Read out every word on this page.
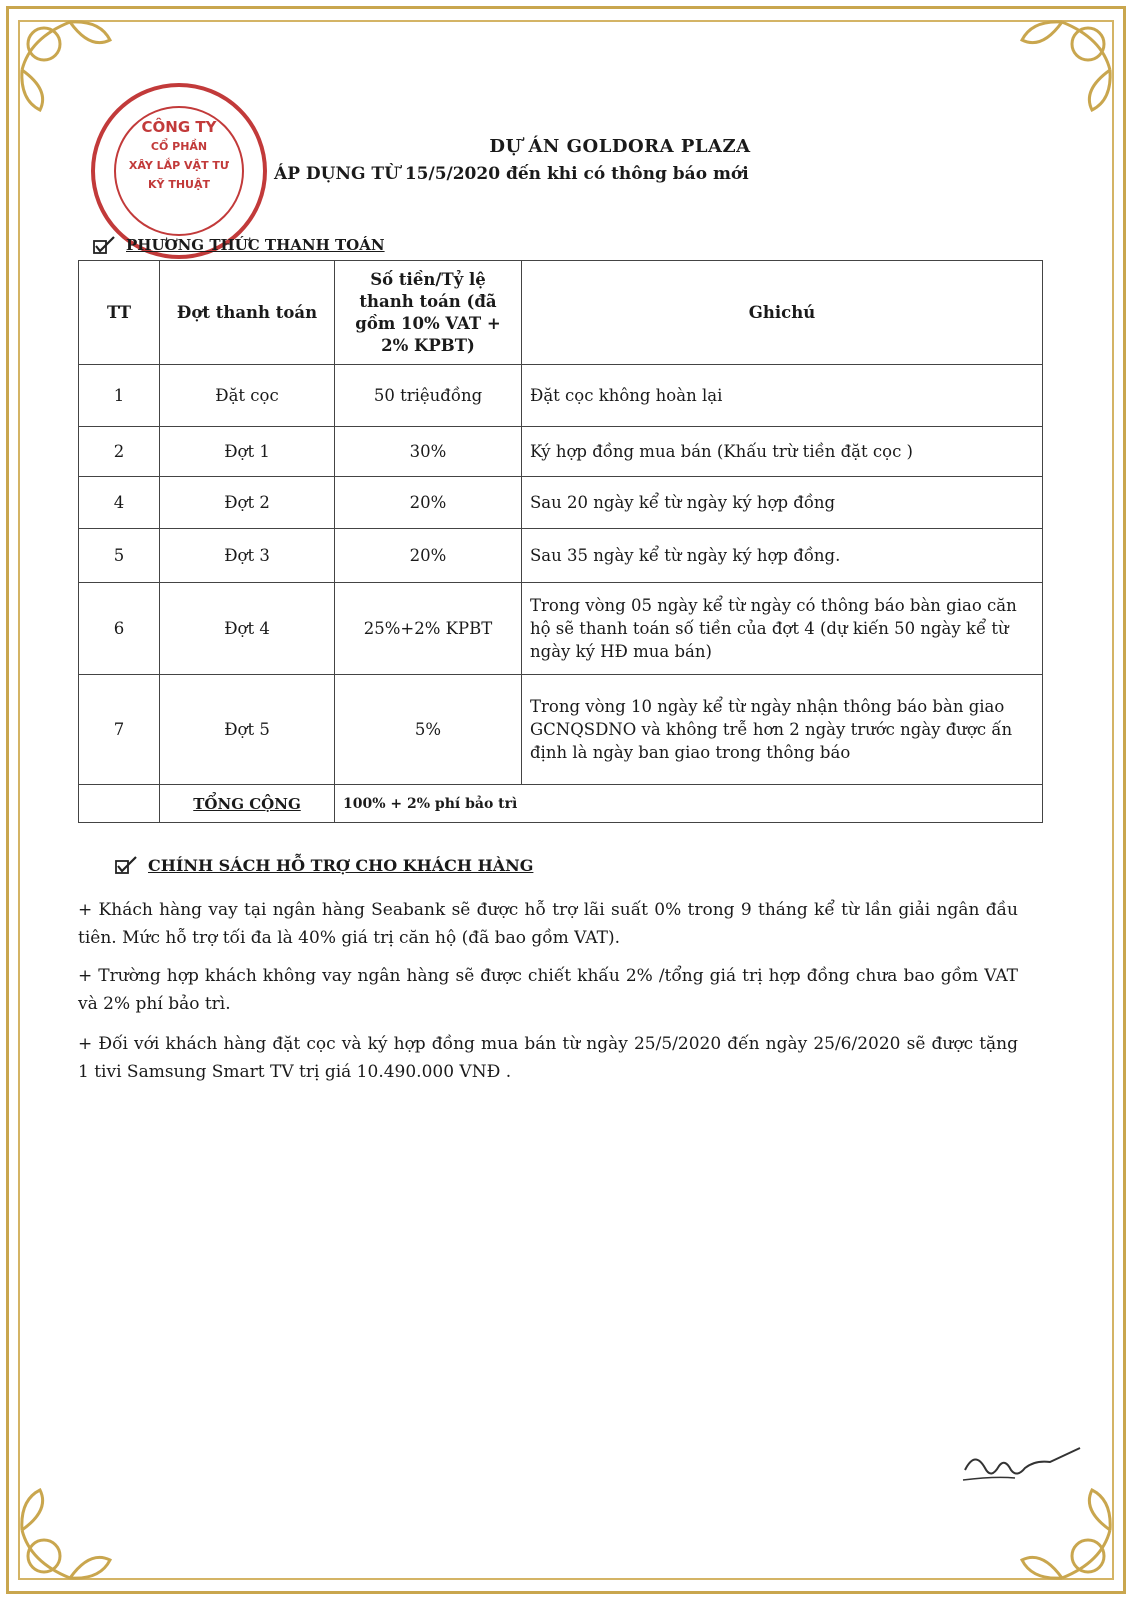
CÔNG TY
CỔ PHẦN
XÂY LẮP VẬT TƯ
KỸ THUẬT
DỰ ÁN GOLDORA PLAZA
ÁP DỤNG TỪ 15/5/2020 đến khi có thông báo mới
PHƯƠNG THỨC THANH TOÁN
TT	Đợt thanh toán	Số tiền/Tỷ lệ thanh toán (đã gồm 10% VAT + 2% KPBT)	Ghichú
1	Đặt cọc	50 triệuđồng	Đặt cọc không hoàn lại
2	Đợt 1	30%	Ký hợp đồng mua bán (Khấu trừ tiền đặt cọc )
4	Đợt 2	20%	Sau 20 ngày kể từ ngày ký hợp đồng
5	Đợt 3	20%	Sau 35 ngày kể từ ngày ký hợp đồng.
6	Đợt 4	25%+2% KPBT	Trong vòng 05 ngày kể từ ngày có thông báo bàn giao căn hộ sẽ thanh toán số tiền của đợt 4 (dự kiến 50 ngày kể từ ngày ký HĐ mua bán)
7	Đợt 5	5%	Trong vòng 10 ngày kể từ ngày nhận thông báo bàn giao GCNQSDNO và không trễ hơn 2 ngày trước ngày được ấn định là ngày ban giao trong thông báo
	TỔNG CỘNG	100% + 2% phí bảo trì	
CHÍNH SÁCH HỖ TRỢ CHO KHÁCH HÀNG
+ Khách hàng vay tại ngân hàng Seabank sẽ được hỗ trợ lãi suất 0% trong 9 tháng kể từ lần giải ngân đầu tiên. Mức hỗ trợ tối đa là 40% giá trị căn hộ (đã bao gồm VAT).
+ Trường hợp khách không vay ngân hàng sẽ được chiết khấu 2% /tổng giá trị hợp đồng chưa bao gồm VAT và 2% phí bảo trì.
+ Đối với khách hàng đặt cọc và ký hợp đồng mua bán từ ngày 25/5/2020 đến ngày 25/6/2020 sẽ được tặng 1 tivi Samsung Smart TV trị giá 10.490.000 VNĐ .
